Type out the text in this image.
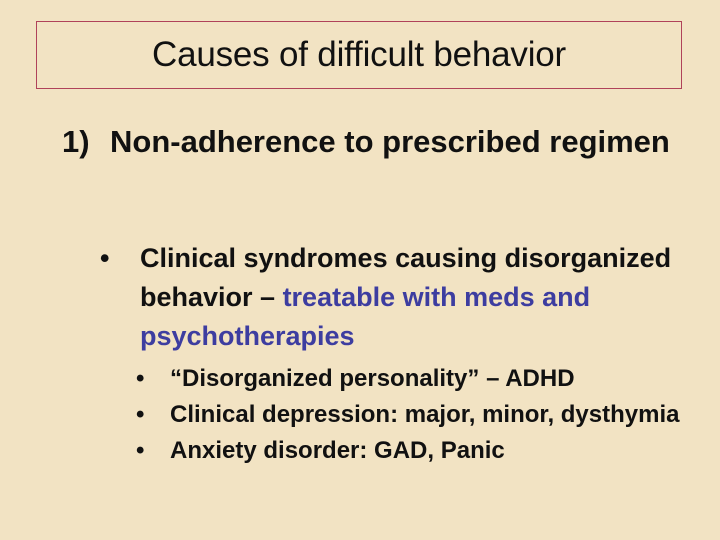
Causes of difficult behavior
1) Non-adherence to prescribed regimen
• Clinical syndromes causing disorganized behavior – treatable with meds and psychotherapies
• “Disorganized personality” – ADHD
• Clinical depression: major, minor, dysthymia
• Anxiety disorder: GAD, Panic
